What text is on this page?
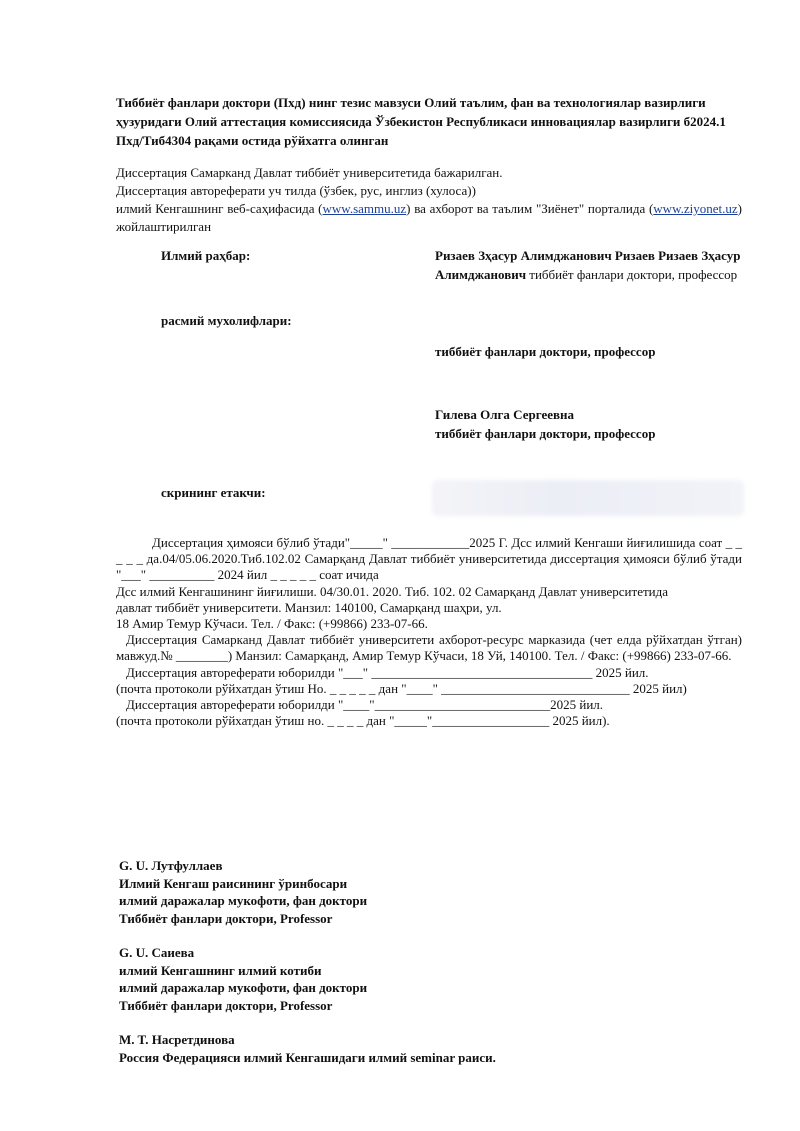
Тиббиёт фанлари доктори (Пхд) нинг тезис мавзуси Олий таълим, фан ва технологиялар вазирлиги ҳузуридаги Олий аттестация комиссиясида Ўзбекистон Республикаси инновациялар вазирлиги б2024.1 Пхд/Тиб4304 рақами остида рўйхатга олинган
Диссертация Самарканд Давлат тиббиёт университетида бажарилган.
Диссертация автореферати уч тилда (ўзбек, рус, инглиз (хулоса))
илмий Кенгашнинг веб-саҳифасида (www.sammu.uz) ва ахборот ва таълим "Зиёнет" порталида (www.ziyonet.uz) жойлаштирилган
Илмий раҳбар:	Ризаев Зҳасур Алимджанович Ризаев Ризаев Зҳасур Алимджанович тиббиёт фанлари доктори, профессор
расмий мухолифлари:
тиббиёт фанлари доктори, профессор
Гилева Олга Сергеевна
тиббиёт фанлари доктори, профессор
скрининг етакчи:

Диссертация ҳимояси бўлиб ўтади"_____" ____________2025 Г. Дсс илмий Кенгаши йиғилишида соат _ _ _ _ _ да.04/05.06.2020.Тиб.102.02 Самарқанд Давлат тиббиёт университетида диссертация ҳимояси бўлиб ўтади "___" __________ 2024 йил _ _ _ _ _ соат ичида

Дсс илмий Кенгашининг йиғилиши. 04/30.01. 2020. Тиб. 102. 02 Самарқанд Давлат университетида

давлат тиббиёт университети. Манзил: 140100, Самарқанд шаҳри, ул.

18 Амир Темур Кўчаси. Тел. / Факс: (+99866) 233-07-66.

Диссертация Самарканд Давлат тиббиёт университети ахборот-ресурс марказида (чет елда рўйхатдан ўтган) мавжуд.№ ________) Манзил: Самарқанд, Амир Темур Кўчаси, 18 Уй, 140100. Тел. / Факс: (+99866) 233-07-66.

Диссертация автореферати юборилди "___" __________________________________ 2025 йил.

(почта протоколи рўйхатдан ўтиш Но. _ _ _ _ _ дан "____" _____________________________ 2025 йил)

Диссертация автореферати юборилди "____"___________________________2025 йил.

(почта протоколи рўйхатдан ўтиш но. _ _ _ _ дан "_____"__________________ 2025 йил).

G. U. Лутфуллаев
Илмий Кенгаш раисининг ўринбосари
илмий даражалар мукофоти, фан доктори
Тиббиёт фанлари доктори, Professor
G. U. Саиева
илмий Кенгашнинг илмий котиби
илмий даражалар мукофоти, фан доктори
Тиббиёт фанлари доктори, Professor
M. T. Насретдинова
Россия Федерацияси илмий Кенгашидаги илмий seminar раиси.
